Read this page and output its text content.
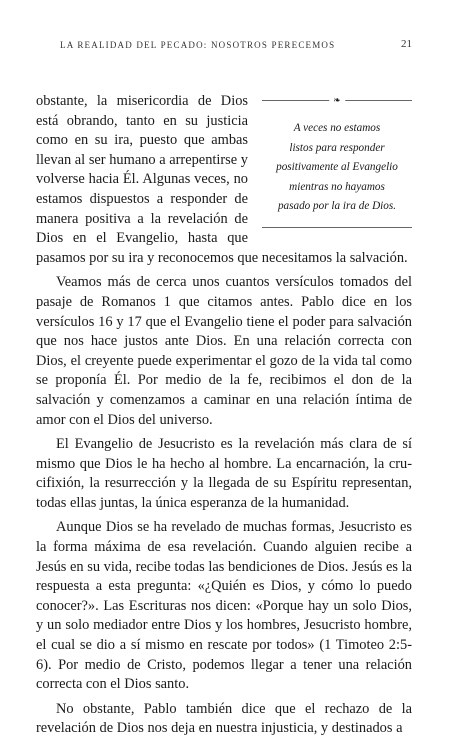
LA REALIDAD DEL PECADO: NOSOTROS PERECEMOS	21
❧
A veces no estamos
listos para responder
positivamente al Evangelio
mientras no hayamos
pasado por la ira de Dios.

obstante, la misericordia de Dios está obrando, tanto en su justicia como en su ira, puesto que ambas llevan al ser humano a arrepentirse y volverse hacia Él. Algunas veces, no estamos dispuestos a responder de manera positiva a la revelación de Dios en el Evangelio, hasta que pasamos por su ira y reconocemos que necesitamos la salvación.

Veamos más de cerca unos cuantos versículos tomados del pasaje de Romanos 1 que citamos antes. Pablo dice en los versículos 16 y 17 que el Evangelio tiene el poder para salvación que nos hace justos ante Dios. En una relación correcta con Dios, el creyente puede experimentar el gozo de la vida tal como se proponía Él. Por medio de la fe, recibimos el don de la salvación y comenzamos a caminar en una relación íntima de amor con el Dios del universo.

El Evangelio de Jesucristo es la revelación más clara de sí mismo que Dios le ha hecho al hombre. La encarnación, la crucifixión, la resurrección y la llegada de su Espíritu representan, todas ellas juntas, la única esperanza de la humanidad.

Aunque Dios se ha revelado de muchas formas, Jesucristo es la forma máxima de esa revelación. Cuando alguien recibe a Jesús en su vida, recibe todas las bendiciones de Dios. Jesús es la respuesta a esta pregunta: «¿Quién es Dios, y cómo lo puedo conocer?». Las Escrituras nos dicen: «Porque hay un solo Dios, y un solo mediador entre Dios y los hombres, Jesucristo hombre, el cual se dio a sí mismo en rescate por todos» (1 Timoteo 2:5-6). Por medio de Cristo, podemos llegar a tener una relación correcta con el Dios santo.

No obstante, Pablo también dice que el rechazo de la revelación de Dios nos deja en nuestra injusticia, y destinados a
